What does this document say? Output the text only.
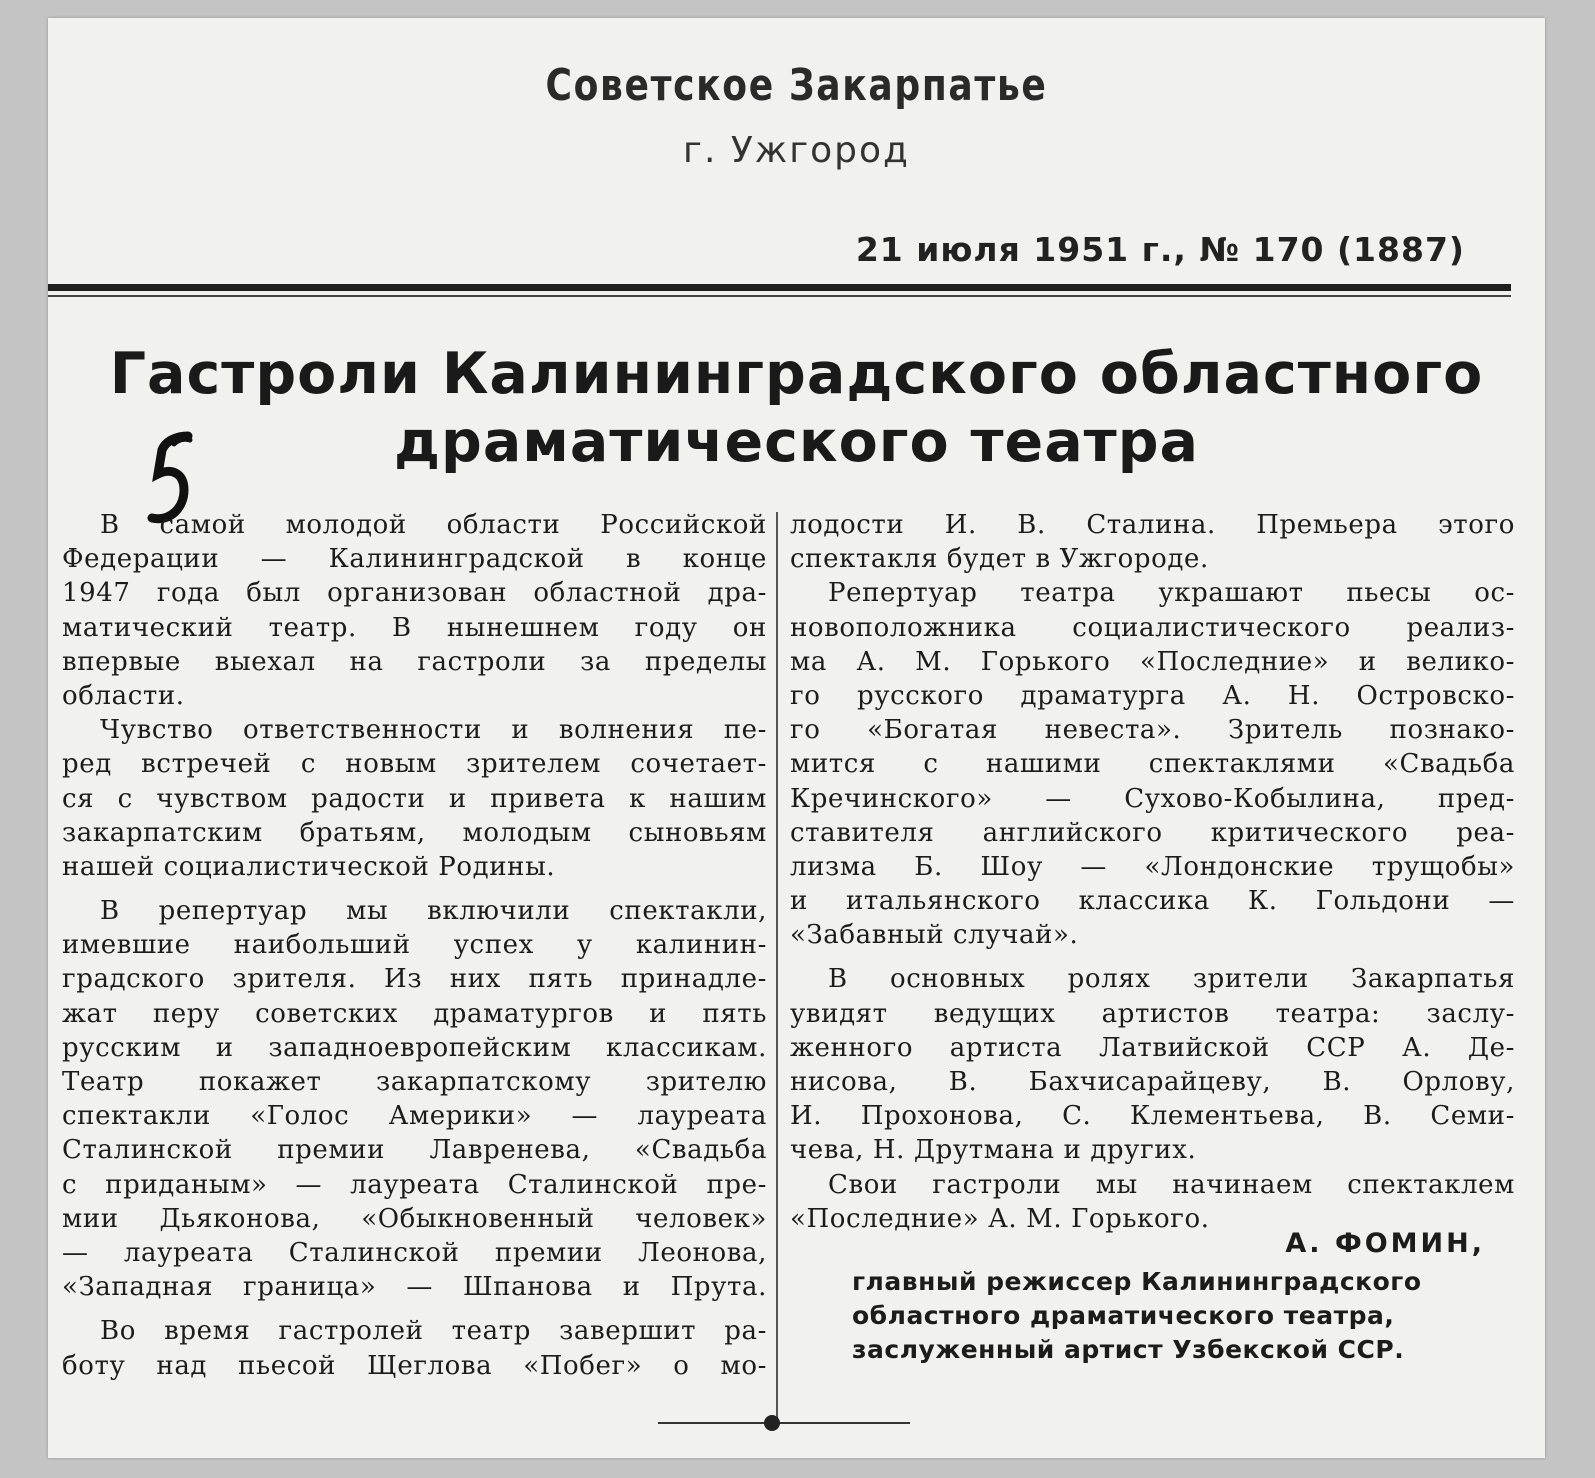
Советское Закарпатье
г. Ужгород
21 июля 1951 г., № 170 (1887)
Гастроли Калининградского областного
драматического театра
В самой молодой области Российской
Федерации — Калининградской в конце
1947 года был организован областной дра-
матический театр. В нынешнем году он
впервые выехал на гастроли за пределы
области.
Чувство ответственности и волнения пе-
ред встречей с новым зрителем сочетает-
ся с чувством радости и привета к нашим
закарпатским братьям, молодым сыновьям
нашей социалистической Родины.
В репертуар мы включили спектакли,
имевшие наибольший успех у калинин-
градского зрителя. Из них пять принадле-
жат перу советских драматургов и пять
русским и западноевропейским классикам.
Театр покажет закарпатскому зрителю
спектакли «Голос Америки» — лауреата
Сталинской премии Лавренева, «Свадьба
с приданым» — лауреата Сталинской пре-
мии Дьяконова, «Обыкновенный человек»
— лауреата Сталинской премии Леонова,
«Западная граница» — Шпанова и Прута.
Во время гастролей театр завершит ра-
боту над пьесой Щеглова «Побег» о мо-
лодости И. В. Сталина. Премьера этого
спектакля будет в Ужгороде.
Репертуар театра украшают пьесы ос-
новоположника социалистического реализ-
ма А. М. Горького «Последние» и велико-
го русского драматурга А. Н. Островско-
го «Богатая невеста». Зритель познако-
мится с нашими спектаклями «Свадьба
Кречинского» — Сухово-Кобылина, пред-
ставителя английского критического реа-
лизма Б. Шоу — «Лондонские трущобы»
и итальянского классика К. Гольдони —
«Забавный случай».
В основных ролях зрители Закарпатья
увидят ведущих артистов театра: заслу-
женного артиста Латвийской ССР А. Де-
нисова, В. Бахчисарайцеву, В. Орлову,
И. Прохонова, С. Клементьева, В. Семи-
чева, Н. Друтмана и других.
Свои гастроли мы начинаем спектаклем
«Последние» А. М. Горького.
А. ФОМИН,
главный режиссер Калининградского
областного драматического театра,
заслуженный артист Узбекской ССР.
